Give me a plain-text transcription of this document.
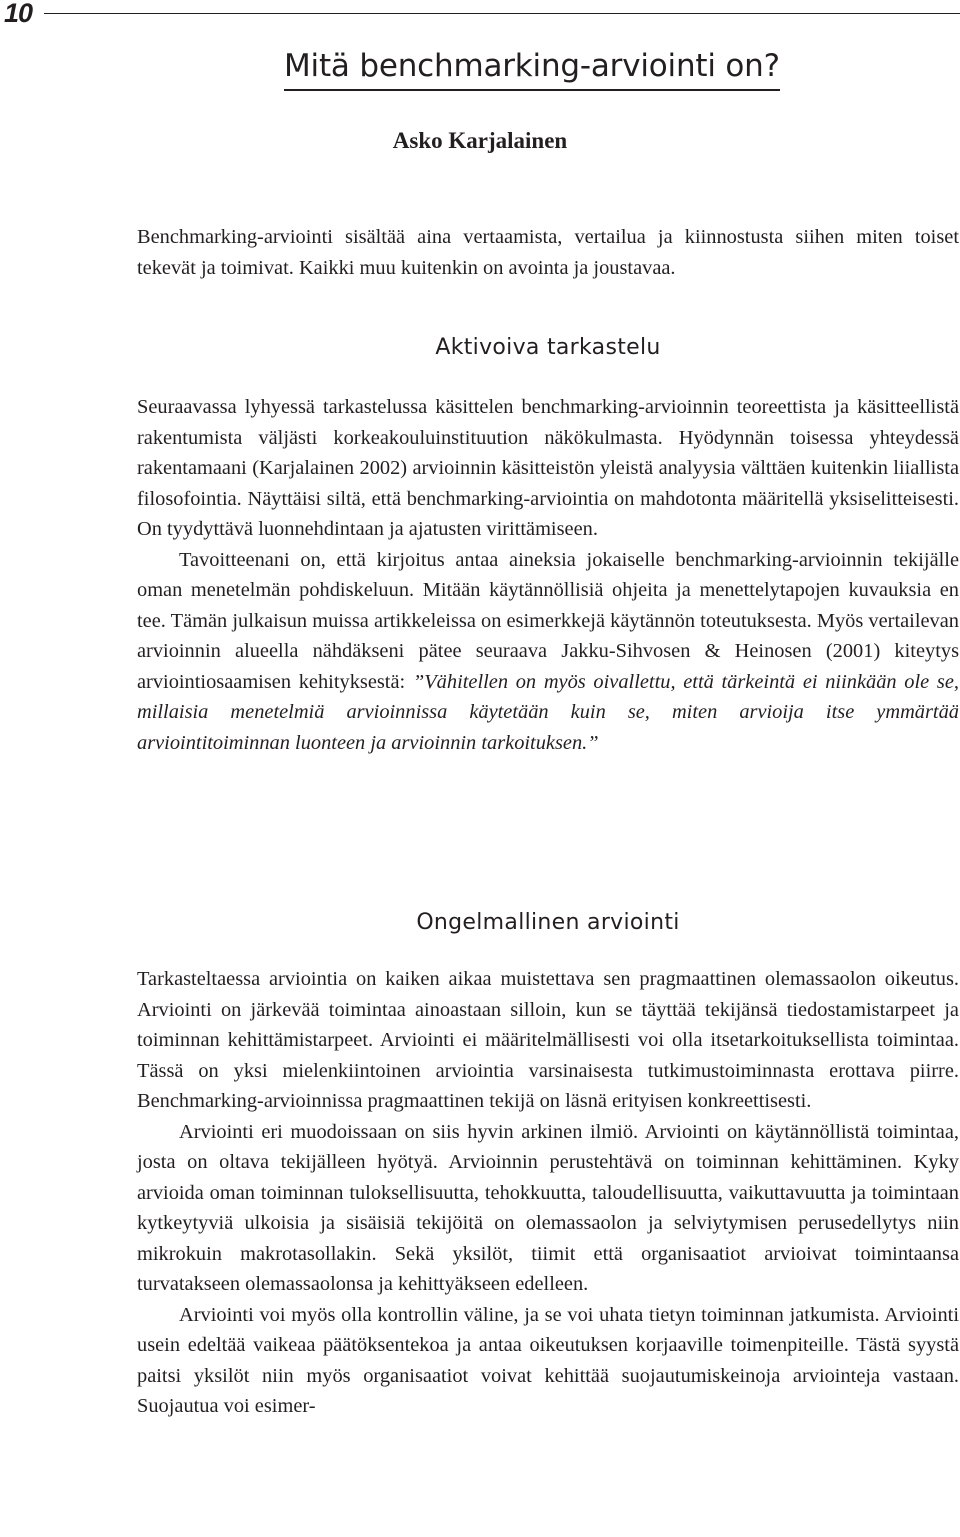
10
Mitä benchmarking-arviointi on?
Asko Karjalainen

Benchmarking-arviointi sisältää aina vertaamista, vertailua ja kiinnostusta siihen miten toiset tekevät ja toimivat. Kaikki muu kuitenkin on avointa ja joustavaa.

Aktivoiva tarkastelu

Seuraavassa lyhyessä tarkastelussa käsittelen benchmarking-arvioinnin teoreettista ja käsitteellistä rakentumista väljästi korkeakouluinstituution näkökulmasta. Hyödynnän toisessa yhteydessä rakentamaani (Karjalainen 2002) arvioinnin käsitteistön yleistä analyysia välttäen kuitenkin liiallista filosofointia. Näyttäisi siltä, että benchmarking-arviointia on mahdotonta määritellä yksiselitteisesti. On tyydyttävä luonnehdintaan ja ajatusten virittämiseen.

Tavoitteenani on, että kirjoitus antaa aineksia jokaiselle benchmarking-arvioinnin tekijälle oman menetelmän pohdiskeluun. Mitään käytännöllisiä ohjeita ja menettelytapojen kuvauksia en tee. Tämän julkaisun muissa artikkeleissa on esimerkkejä käytännön toteutuksesta. Myös vertailevan arvioinnin alueella nähdäkseni pätee seuraava Jakku-Sihvosen & Heinosen (2001) kiteytys arviointiosaamisen kehityksestä: ”Vähitellen on myös oivallettu, että tärkeintä ei niinkään ole se, millaisia menetelmiä arvioinnissa käytetään kuin se, miten arvioija itse ymmärtää arviointitoiminnan luonteen ja arvioinnin tarkoituksen.”

Ongelmallinen arviointi

Tarkasteltaessa arviointia on kaiken aikaa muistettava sen pragmaattinen olemassaolon oikeutus. Arviointi on järkevää toimintaa ainoastaan silloin, kun se täyttää tekijänsä tiedostamistarpeet ja toiminnan kehittämistarpeet. Arviointi ei määritelmällisesti voi olla itsetarkoituksellista toimintaa. Tässä on yksi mielenkiintoinen arviointia varsinaisesta tutkimustoiminnasta erottava piirre. Benchmarking-arvioinnissa pragmaattinen tekijä on läsnä erityisen konkreettisesti.

Arviointi eri muodoissaan on siis hyvin arkinen ilmiö. Arviointi on käytännöllistä toimintaa, josta on oltava tekijälleen hyötyä. Arvioinnin perustehtävä on toiminnan kehittäminen. Kyky arvioida oman toiminnan tuloksellisuutta, tehokkuutta, taloudellisuutta, vaikuttavuutta ja toimintaan kytkeytyviä ulkoisia ja sisäisiä tekijöitä on olemassaolon ja selviytymisen perusedellytys niin mikrokuin makrotasollakin. Sekä yksilöt, tiimit että organisaatiot arvioivat toimintaansa turvatakseen olemassaolonsa ja kehittyäkseen edelleen.

Arviointi voi myös olla kontrollin väline, ja se voi uhata tietyn toiminnan jatkumista. Arviointi usein edeltää vaikeaa päätöksentekoa ja antaa oikeutuksen korjaaville toimenpiteille. Tästä syystä paitsi yksilöt niin myös organisaatiot voivat kehittää suojautumiskeinoja arviointeja vastaan. Suojautua voi esimer-
